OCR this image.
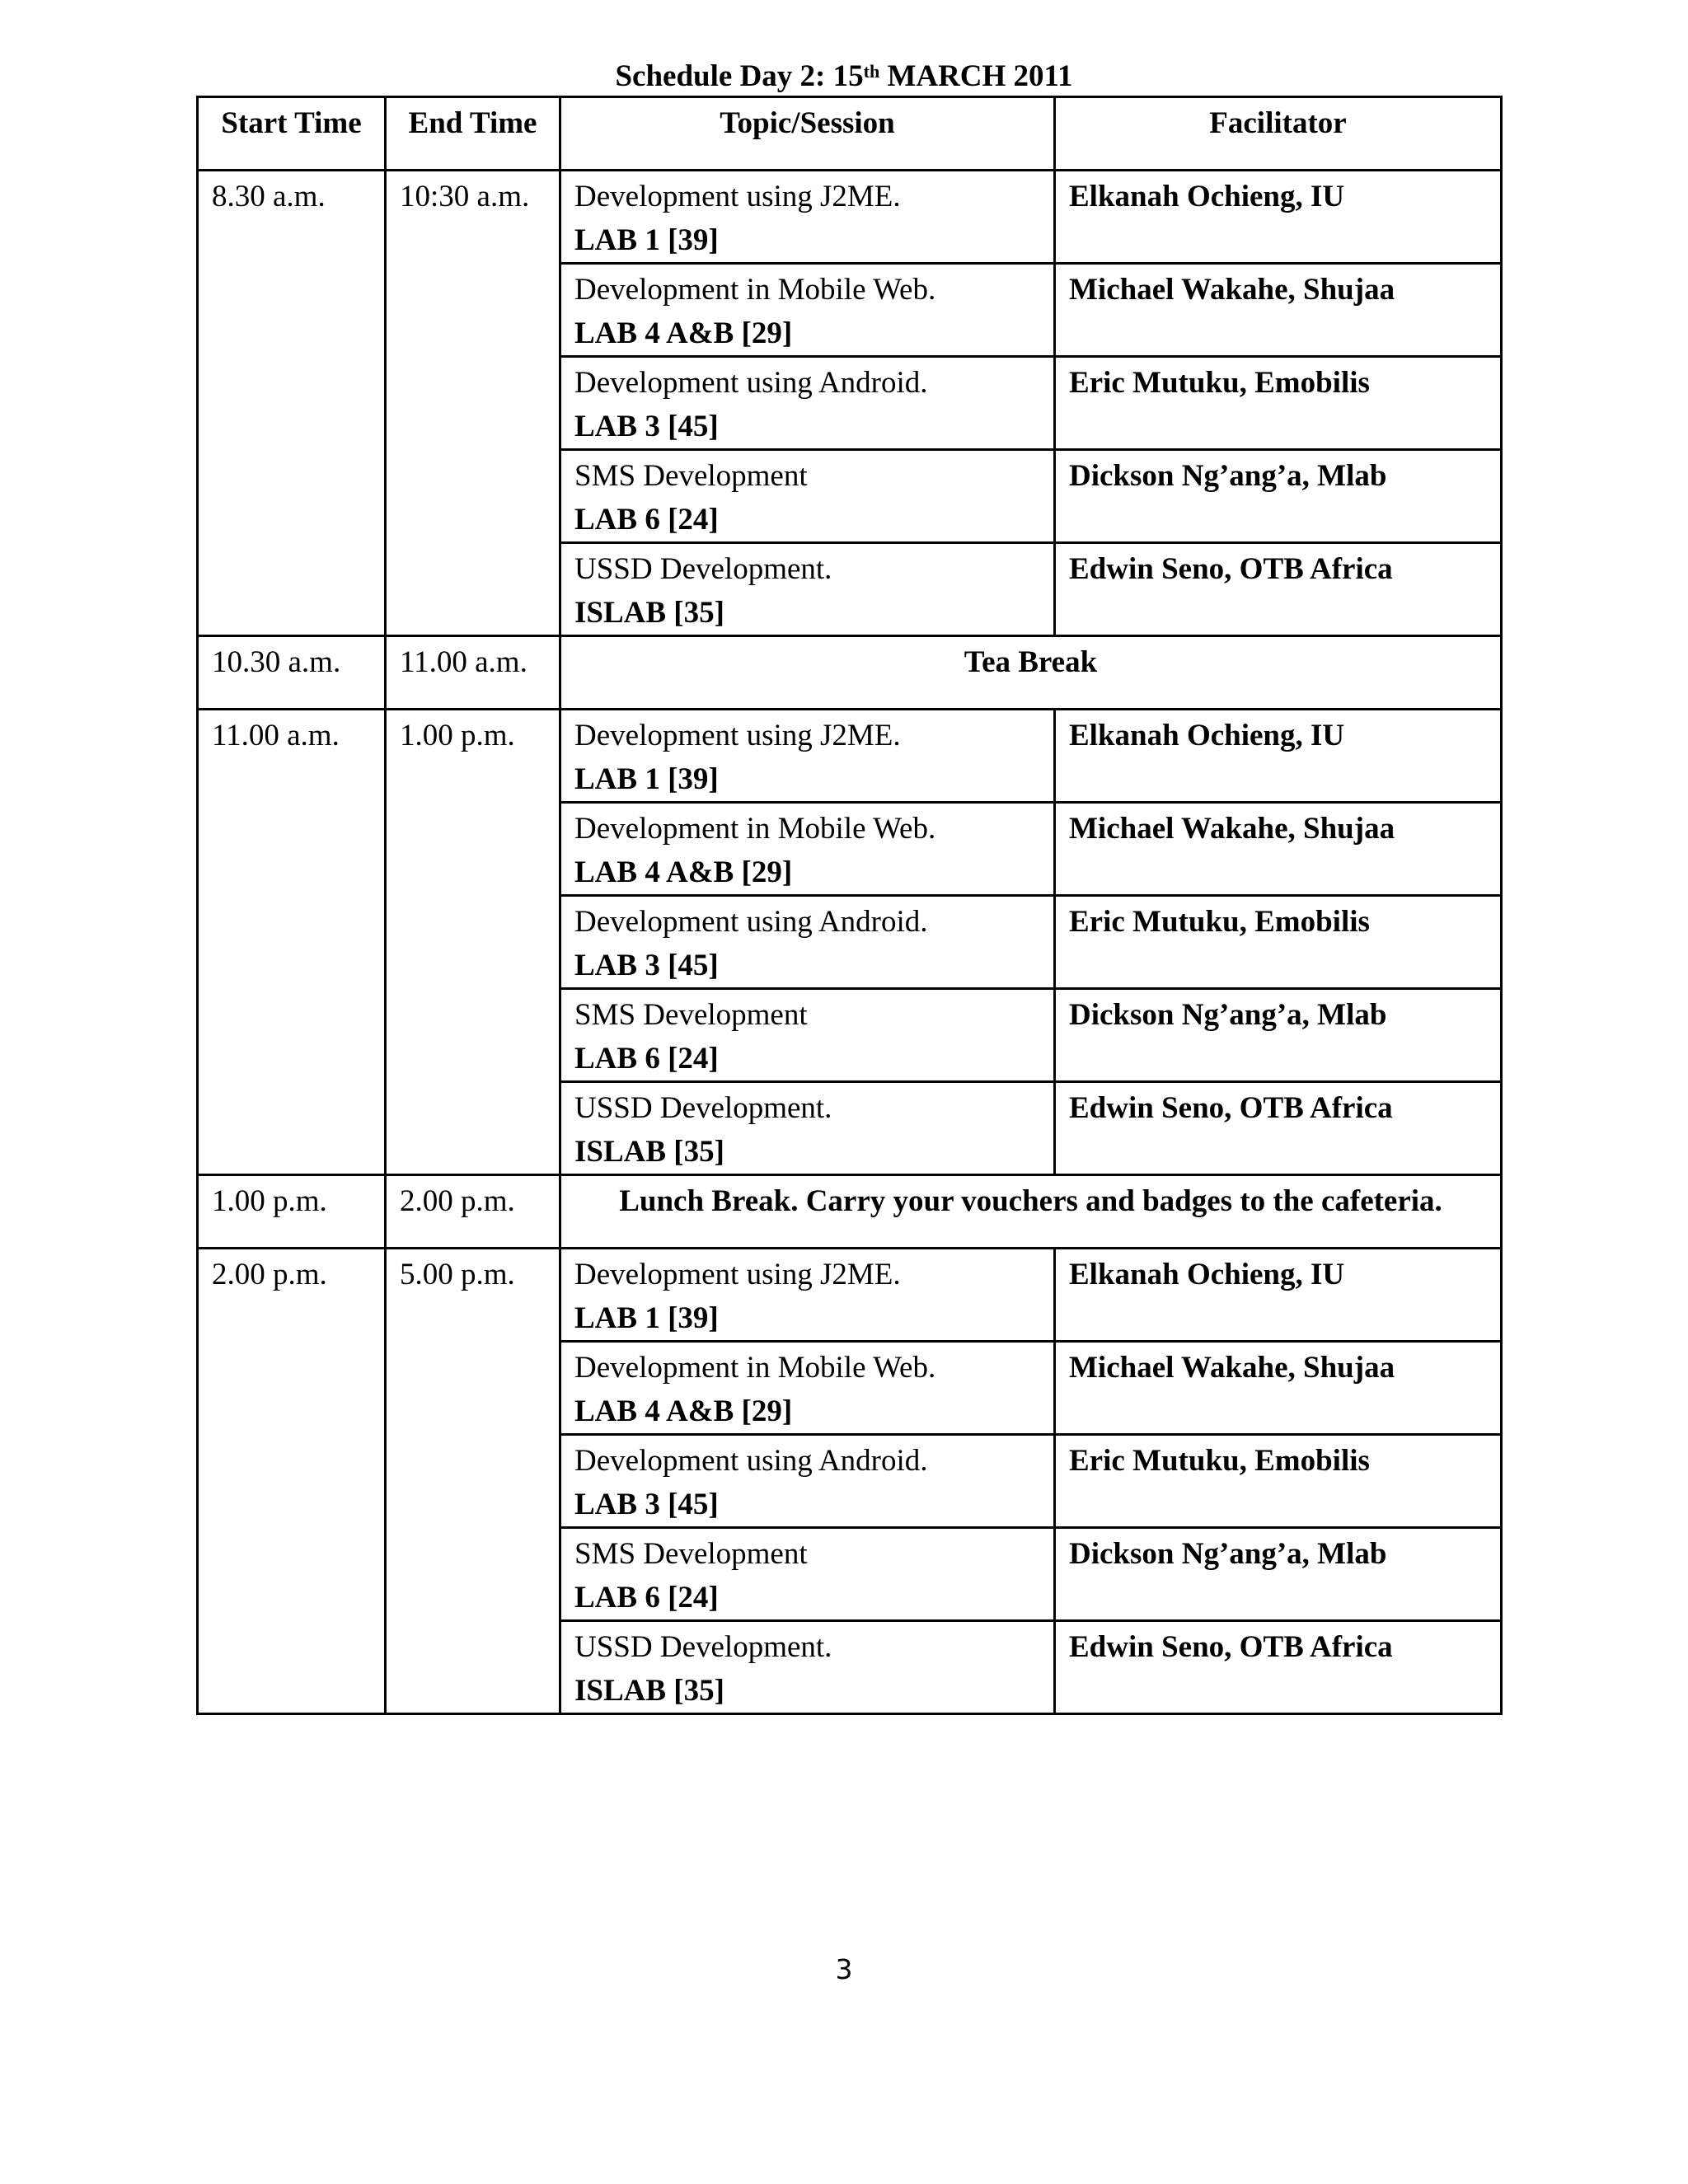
Schedule Day 2: 15th MARCH 2011
Start Time	End Time	Topic/Session	Facilitator
8.30 a.m.	10:30 a.m.	Development using J2ME.
LAB 1 [39]	Elkanah Ochieng, IU

		Development in Mobile Web.
LAB 4 A&B [29]	Michael Wakahe, Shujaa

		Development using Android.
LAB 3 [45]	Eric Mutuku, Emobilis

		SMS Development
LAB 6 [24]	Dickson Ng’ang’a, Mlab

		USSD Development.
ISLAB [35]	Edwin Seno, OTB Africa
10.30 a.m.	11.00 a.m.	Tea Break	
11.00 a.m.	1.00 p.m.	Development using J2ME.
LAB 1 [39]	Elkanah Ochieng, IU

		Development in Mobile Web.
LAB 4 A&B [29]	Michael Wakahe, Shujaa

		Development using Android.
LAB 3 [45]	Eric Mutuku, Emobilis

		SMS Development
LAB 6 [24]	Dickson Ng’ang’a, Mlab

		USSD Development.
ISLAB [35]	Edwin Seno, OTB Africa
1.00 p.m.	2.00 p.m.	Lunch Break. Carry your vouchers and badges to the cafeteria.	
2.00 p.m.	5.00 p.m.	Development using J2ME.
LAB 1 [39]	Elkanah Ochieng, IU

		Development in Mobile Web.
LAB 4 A&B [29]	Michael Wakahe, Shujaa

		Development using Android.
LAB 3 [45]	Eric Mutuku, Emobilis

		SMS Development
LAB 6 [24]	Dickson Ng’ang’a, Mlab

		USSD Development.
ISLAB [35]	Edwin Seno, OTB Africa
3
